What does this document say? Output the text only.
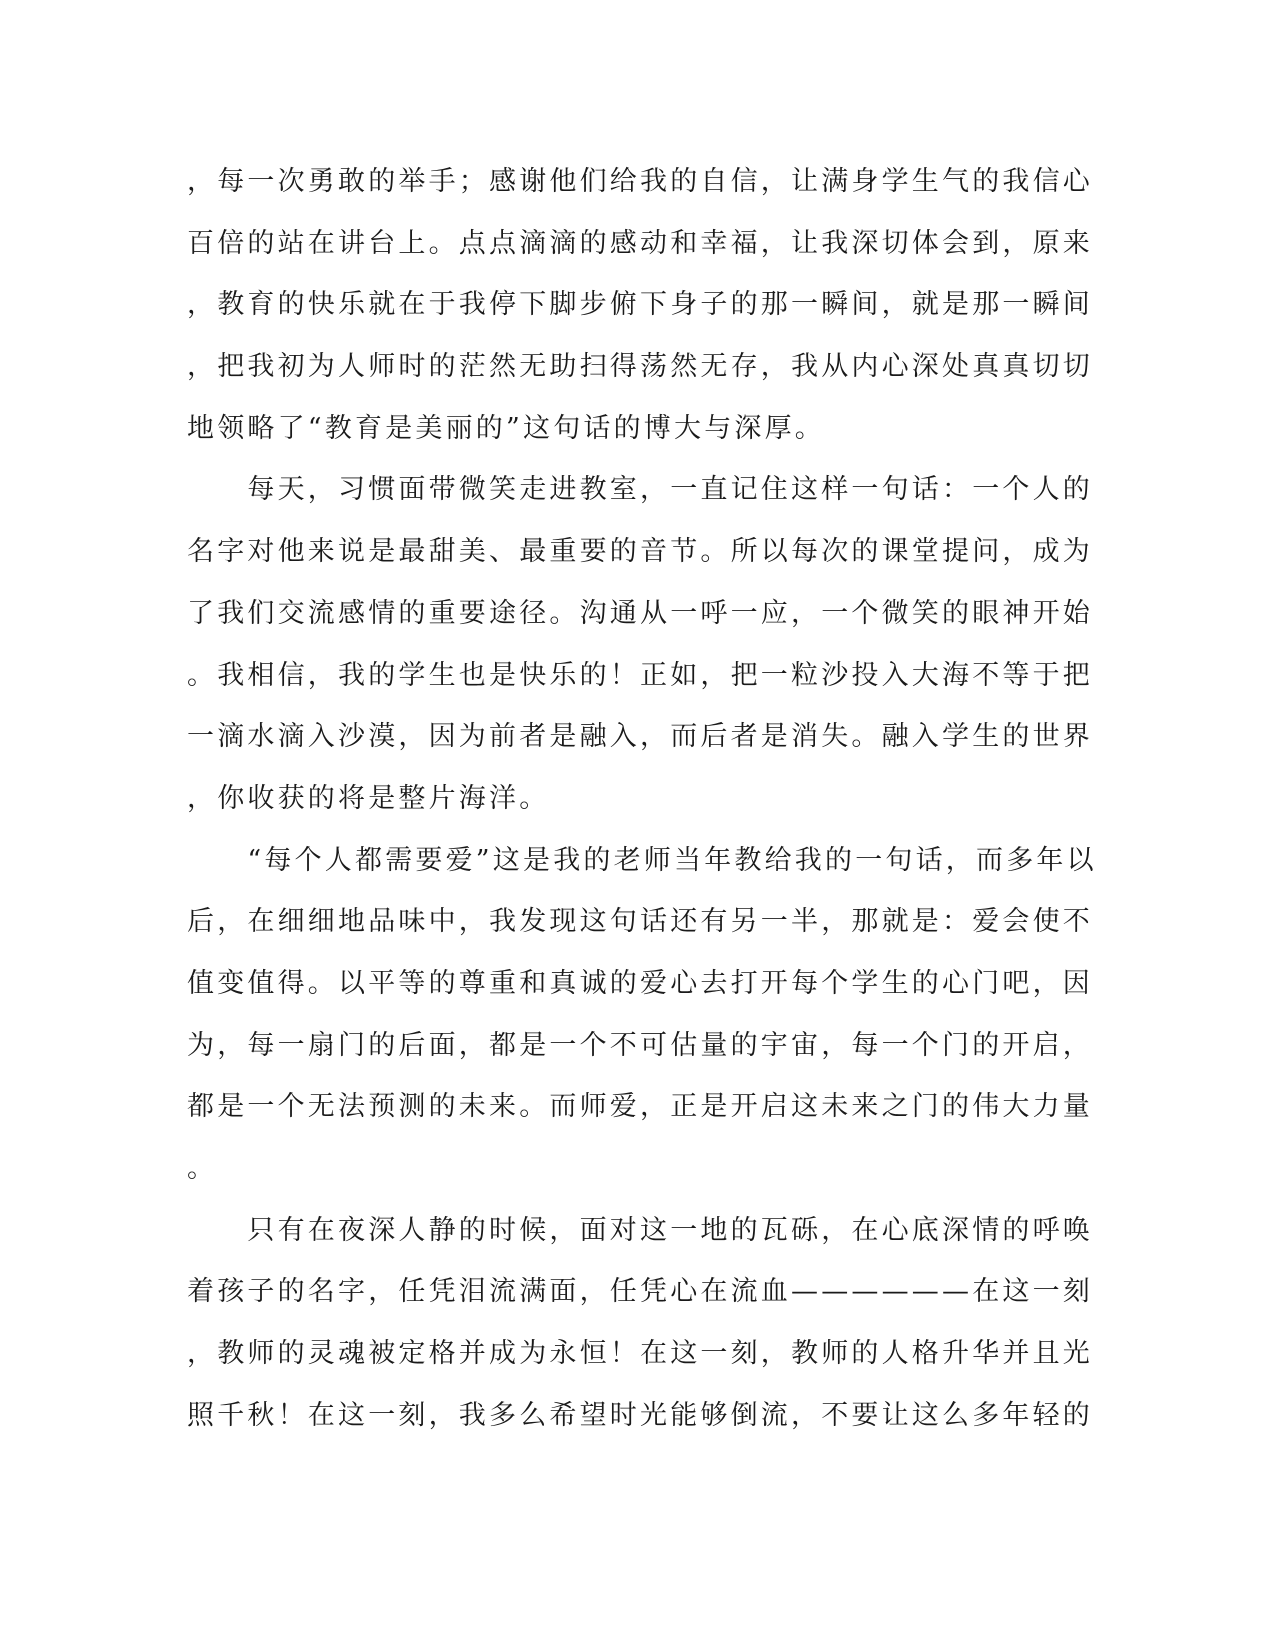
，每一次勇敢的举手；感谢他们给我的自信，让满身学生气的我信心
百倍的站在讲台上。点点滴滴的感动和幸福，让我深切体会到，原来
，教育的快乐就在于我停下脚步俯下身子的那一瞬间，就是那一瞬间
，把我初为人师时的茫然无助扫得荡然无存，我从内心深处真真切切
地领略了“教育是美丽的”这句话的博大与深厚。
　　每天，习惯面带微笑走进教室，一直记住这样一句话：一个人的
名字对他来说是最甜美、最重要的音节。所以每次的课堂提问，成为
了我们交流感情的重要途径。沟通从一呼一应，一个微笑的眼神开始
。我相信，我的学生也是快乐的！正如，把一粒沙投入大海不等于把
一滴水滴入沙漠，因为前者是融入，而后者是消失。融入学生的世界
，你收获的将是整片海洋。
　　“每个人都需要爱”这是我的老师当年教给我的一句话，而多年以
后，在细细地品味中，我发现这句话还有另一半，那就是：爱会使不
值变值得。以平等的尊重和真诚的爱心去打开每个学生的心门吧，因
为，每一扇门的后面，都是一个不可估量的宇宙，每一个门的开启，
都是一个无法预测的未来。而师爱，正是开启这未来之门的伟大力量
。
　　只有在夜深人静的时候，面对这一地的瓦砾，在心底深情的呼唤
着孩子的名字，任凭泪流满面，任凭心在流血——————在这一刻
，教师的灵魂被定格并成为永恒！在这一刻，教师的人格升华并且光
照千秋！在这一刻，我多么希望时光能够倒流，不要让这么多年轻的
